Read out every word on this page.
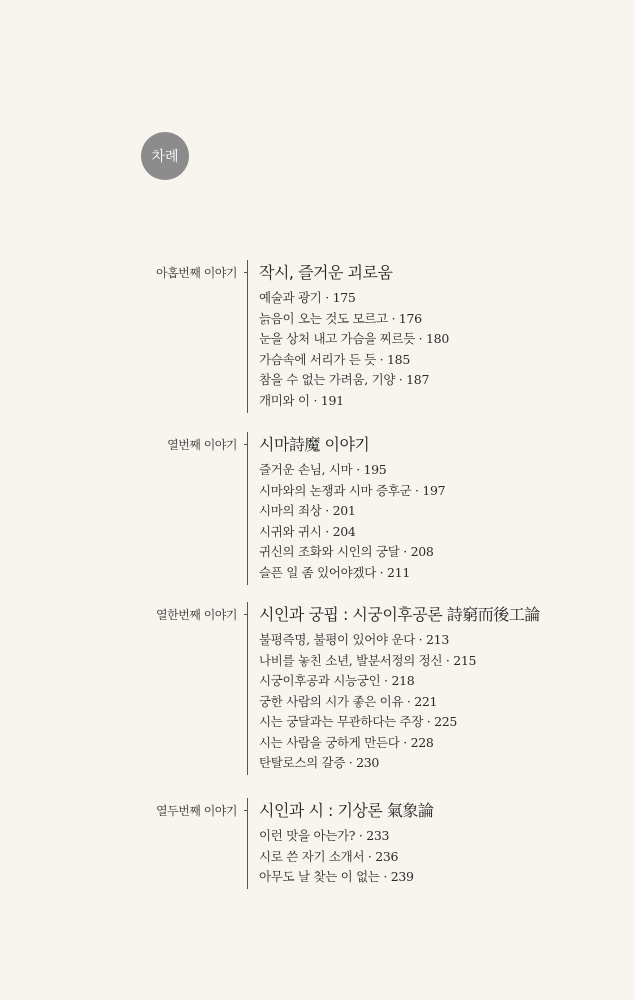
차례
아홉번째 이야기 작시, 즐거운 괴로움
예술과 광기 · 175
늙음이 오는 것도 모르고 · 176
눈을 상처 내고 가슴을 찌르듯 · 180
가슴속에 서리가 든 듯 · 185
참을 수 없는 가려움, 기양 · 187
개미와 이 · 191
열번째 이야기 시마詩魔 이야기
즐거운 손님, 시마 · 195
시마와의 논쟁과 시마 증후군 · 197
시마의 죄상 · 201
시귀와 귀시 · 204
귀신의 조화와 시인의 궁달 · 208
슬픈 일 좀 있어야겠다 · 211
열한번째 이야기 시인과 궁핍 : 시궁이후공론 詩窮而後工論
불평즉명, 불평이 있어야 운다 · 213
나비를 놓친 소년, 발분서정의 정신 · 215
시궁이후공과 시능궁인 · 218
궁한 사람의 시가 좋은 이유 · 221
시는 궁달과는 무관하다는 주장 · 225
시는 사람을 궁하게 만든다 · 228
탄탈로스의 갈증 · 230
열두번째 이야기 시인과 시 : 기상론 氣象論
이런 맛을 아는가? · 233
시로 쓴 자기 소개서 · 236
아무도 날 찾는 이 없는 · 239
